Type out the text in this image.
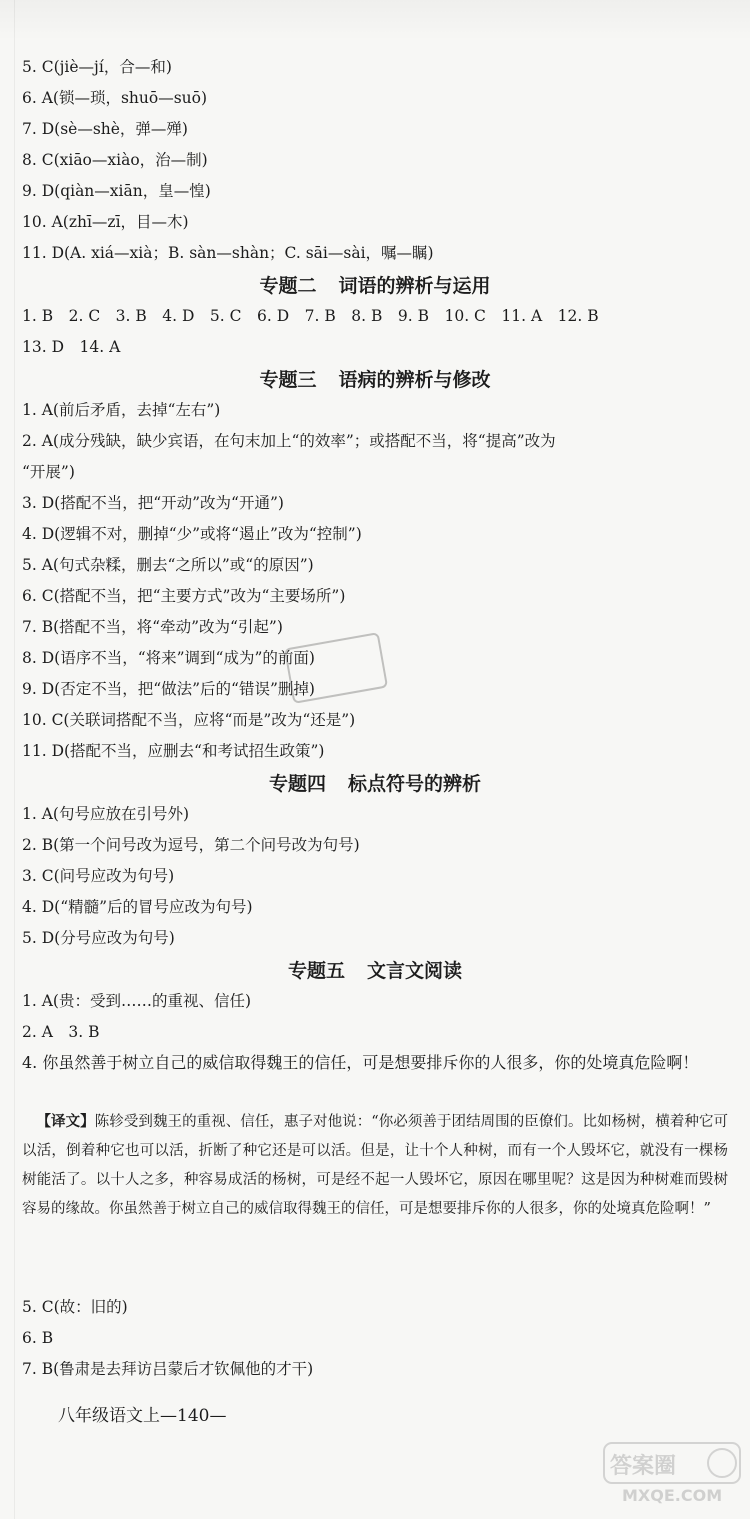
5. C(jiè—jí，合—和)
6. A(锁—琐，shuō—suō)
7. D(sè—shè，弹—殚)
8. C(xiāo—xiào，治—制)
9. D(qiàn—xiān，皇—惶)
10. A(zhī—zī，目—木)
11. D(A. xiá—xià；B. sàn—shàn；C. sāi—sài，嘱—瞩)
专题二 词语的辨析与运用
1. B　2. C　3. B　4. D　5. C　6. D　7. B　8. B　9. B　10. C　11. A　12. B
13. D　14. A
专题三 语病的辨析与修改
1. A(前后矛盾，去掉“左右”)
2. A(成分残缺，缺少宾语，在句末加上“的效率”；或搭配不当，将“提高”改为
“开展”)
3. D(搭配不当，把“开动”改为“开通”)
4. D(逻辑不对，删掉“少”或将“遏止”改为“控制”)
5. A(句式杂糅，删去“之所以”或“的原因”)
6. C(搭配不当，把“主要方式”改为“主要场所”)
7. B(搭配不当，将“牵动”改为“引起”)
8. D(语序不当，“将来”调到“成为”的前面)
9. D(否定不当，把“做法”后的“错误”删掉)
10. C(关联词搭配不当，应将“而是”改为“还是”)
11. D(搭配不当，应删去“和考试招生政策”)
专题四 标点符号的辨析
1. A(句号应放在引号外)
2. B(第一个问号改为逗号，第二个问号改为句号)
3. C(问号应改为句号)
4. D(“精髓”后的冒号应改为句号)
5. D(分号应改为句号)
专题五 文言文阅读
1. A(贵：受到……的重视、信任)
2. A　3. B
4. 你虽然善于树立自己的威信取得魏王的信任，可是想要排斥你的人很多，你的处境真危险啊！
【译文】陈轸受到魏王的重视、信任，惠子对他说：“你必须善于团结周围的臣僚们。比如杨树，横着种它可以活，倒着种它也可以活，折断了种它还是可以活。但是，让十个人种树，而有一个人毁坏它，就没有一棵杨树能活了。以十人之多，种容易成活的杨树，可是经不起一人毁坏它，原因在哪里呢？这是因为种树难而毁树容易的缘故。你虽然善于树立自己的威信取得魏王的信任，可是想要排斥你的人很多，你的处境真危险啊！”
5. C(故：旧的)
6. B
7. B(鲁肃是去拜访吕蒙后才钦佩他的才干)
八年级语文上—140—
答案圈
MXQE.COM
